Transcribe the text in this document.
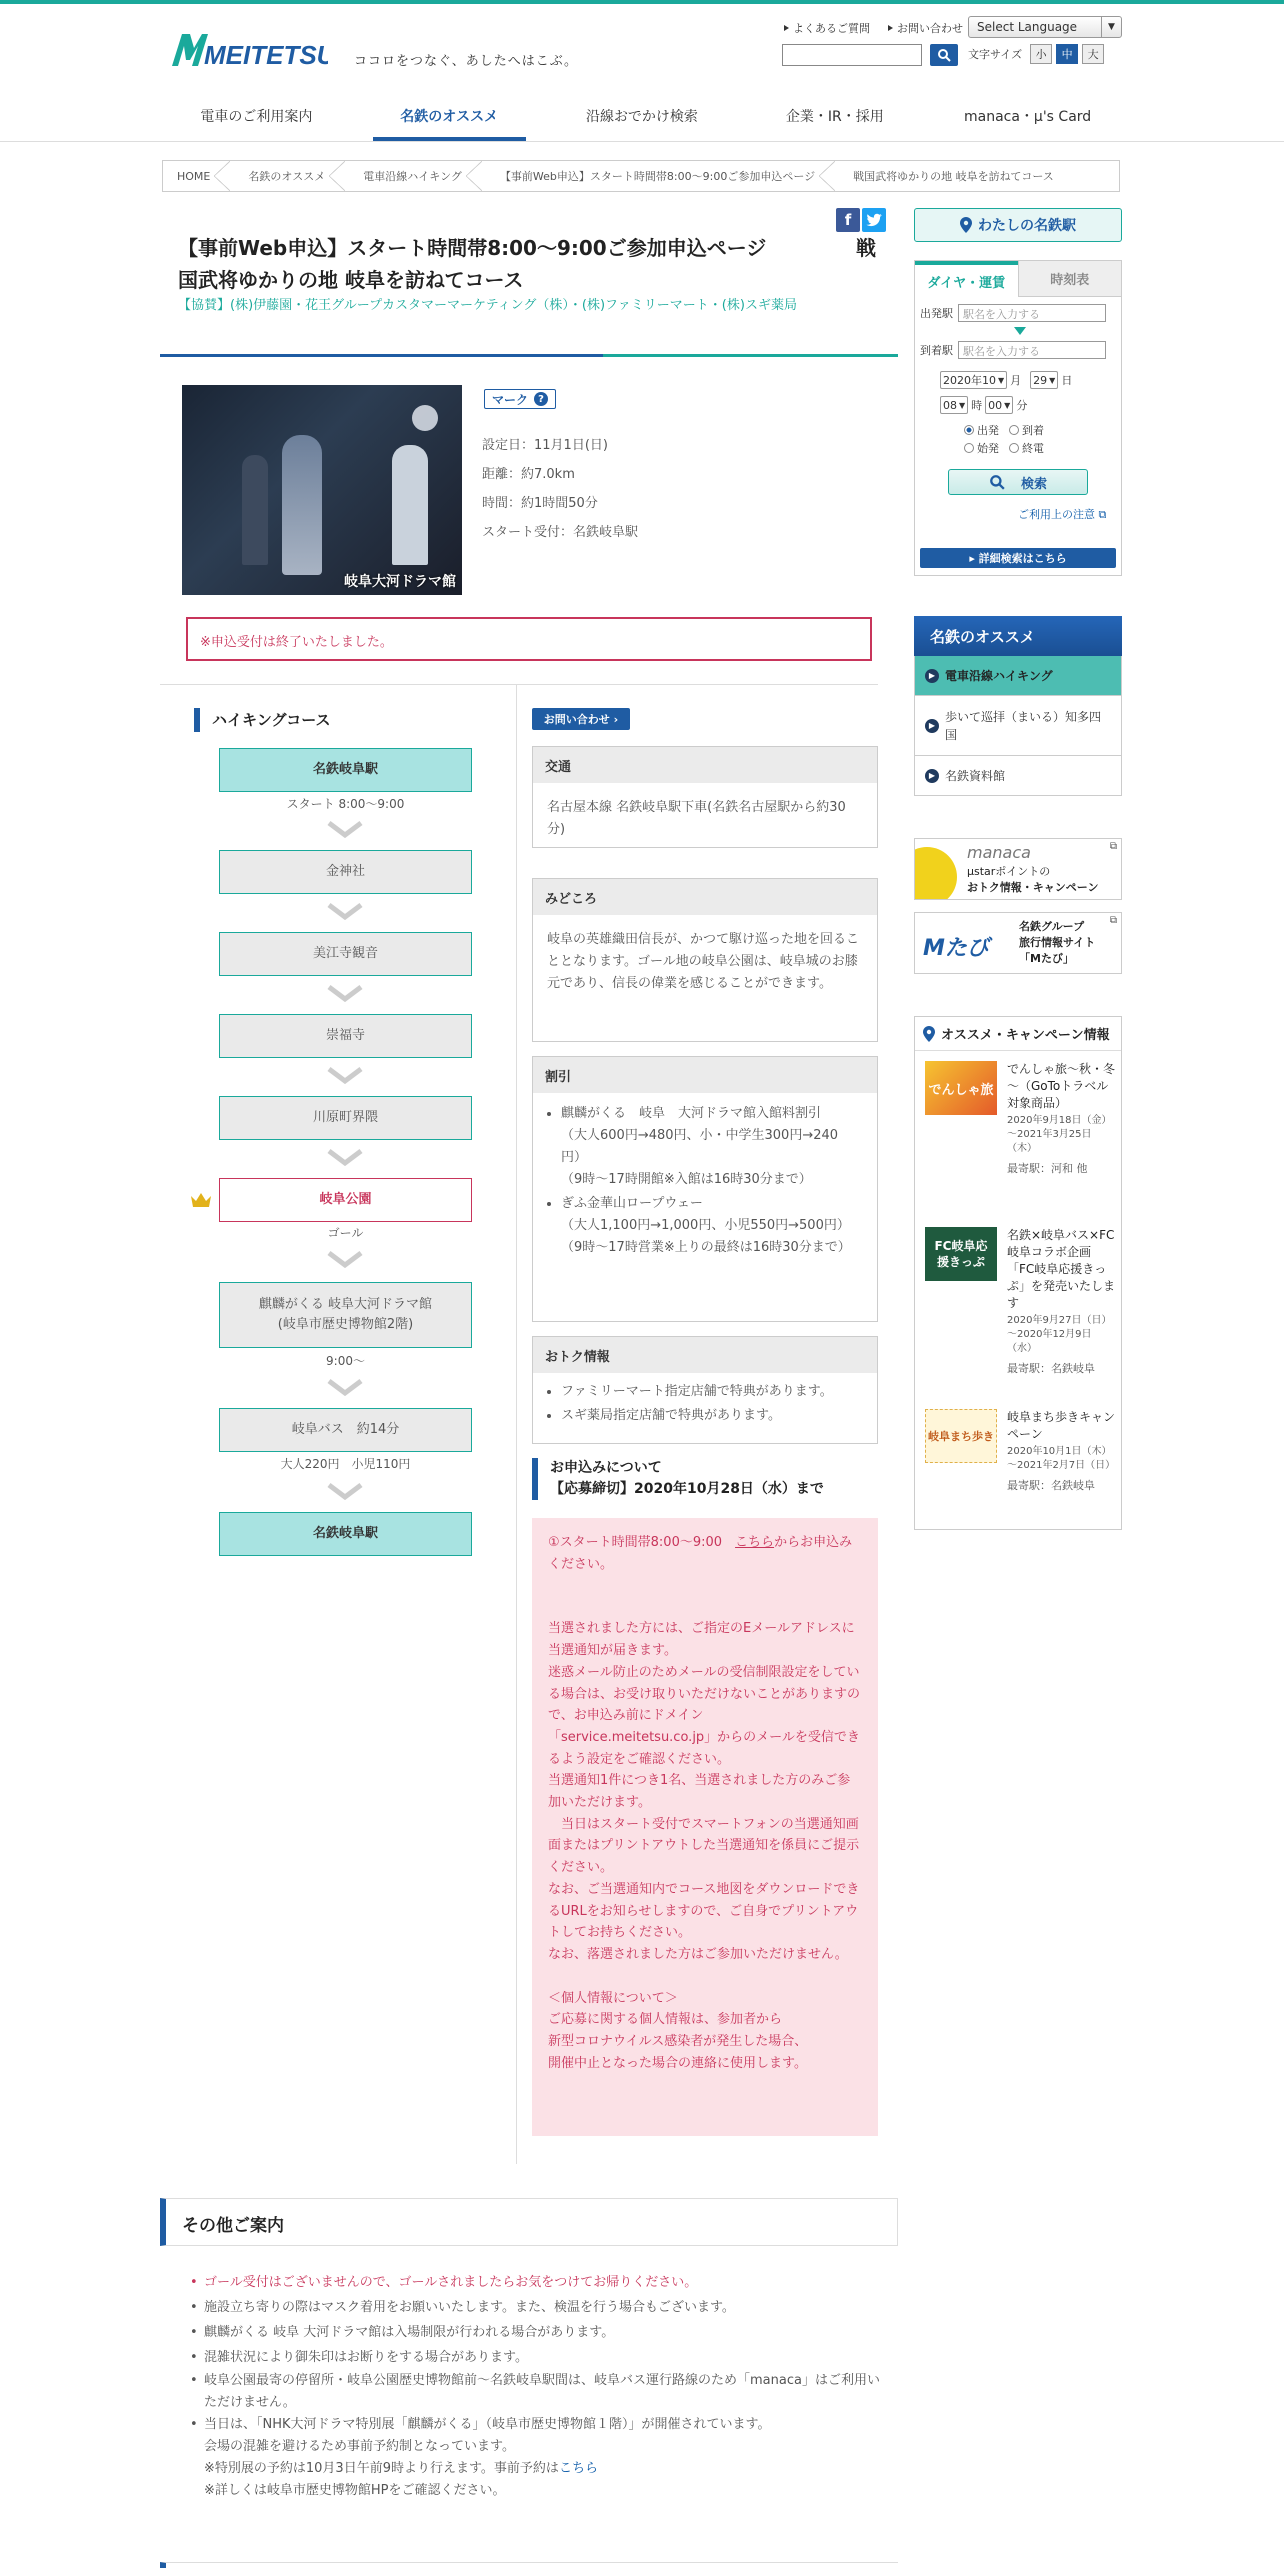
MEITETSU ココロをつなぐ、あしたへはこぶ。
よくあるご質問 お問い合わせ	Select Language	▼
文字サイズ	小	中	大
電車のご利用案内	名鉄のオススメ	沿線おでかけ検索	企業・IR・採用	manaca・μ's Card
HOME	名鉄のオススメ	電車沿線ハイキング	【事前Web申込】スタート時間帯8:00～9:00ご参加申込ページ	戦国武将ゆかりの地 岐阜を訪ねてコース
【事前Web申込】スタート時間帯8:00～9:00ご参加申込ページ
国武将ゆかりの地 岐阜を訪ねてコース
戦
f
【協賛】(株)伊藤園・花王グループカスタマーマーケティング（株）・(株)ファミリーマート・(株)スギ薬局
岐阜大河ドラマ館
マーク	?
設定日：11月1日(日)
距離：約7.0km
時間：約1時間50分
スタート受付：名鉄岐阜駅
※申込受付は終了いたしました。
ハイキングコース
名鉄岐阜駅
スタート 8:00～9:00
金神社
美江寺観音
崇福寺
川原町界隈
岐阜公園
ゴール
麒麟がくる 岐阜大河ドラマ館
(岐阜市歴史博物館2階)
9:00～
岐阜バス　約14分
大人220円　小児110円
名鉄岐阜駅
お問い合わせ
›
交通
名古屋本線 名鉄岐阜駅下車(名鉄名古屋駅から約30分)
みどころ
岐阜の英雄織田信長が、かつて駆け巡った地を回ることとなります。ゴール地の岐阜公園は、岐阜城のお膝元であり、信長の偉業を感じることができます。
割引
• 麒麟がくる　岐阜　大河ドラマ館入館料割引
（大人600円→480円、小・中学生300円→240円）
（9時〜17時開館※入館は16時30分まで）
• ぎふ金華山ロープウェー
（大人1,100円→1,000円、小児550円→500円）
（9時〜17時営業※上りの最終は16時30分まで）
おトク情報
• ファミリーマート指定店舗で特典があります。
• スギ薬局指定店舗で特典があります。
お申込みについて
【応募締切】2020年10月28日（水）まで
①スタート時間帯8:00～9:00　こちらからお申込みください。
当選されました方には、ご指定のEメールアドレスに当選通知が届きます。
迷惑メール防止のためメールの受信制限設定をしている場合は、お受け取りいただけないことがありますので、お申込み前にドメイン「service.meitetsu.co.jp」からのメールを受信できるよう設定をご確認ください。
当選通知1件につき1名、当選されました方のみご参加いただけます。
　当日はスタート受付でスマートフォンの当選通知画面またはプリントアウトした当選通知を係員にご提示ください。
なお、ご当選通知内でコース地図をダウンロードできるURLをお知らせしますので、ご自身でプリントアウトしてお持ちください。
なお、落選されました方はご参加いただけません。
＜個人情報について＞
ご応募に関する個人情報は、参加者から
新型コロナウイルス感染者が発生した場合、
開催中止となった場合の連絡に使用します。
その他ご案内
• ゴール受付はございませんので、ゴールされましたらお気をつけてお帰りください。
• 施設立ち寄りの際はマスク着用をお願いいたします。また、検温を行う場合もございます。
• 麒麟がくる 岐阜 大河ドラマ館は入場制限が行われる場合があります。
• 混雑状況により御朱印はお断りをする場合があります。
• 岐阜公園最寄の停留所・岐阜公園歴史博物館前～名鉄岐阜駅間は、岐阜バス運行路線のため「manaca」はご利用いただけません。
• 当日は、「NHK大河ドラマ特別展「麒麟がくる」（岐阜市歴史博物館１階）」が開催されています。
会場の混雑を避けるため事前予約制となっています。
※特別展の予約は10月3日午前9時より行えます。事前予約はこちら
※詳しくは岐阜市歴史博物館HPをご確認ください。
わたしの名鉄駅
ダイヤ・運賃	時刻表
出発駅 駅名を入力する
到着駅 駅名を入力する
2020年10 ▼ 月 29 ▼ 日
08 ▼ 時 00 ▼ 分
出発 到着
始発 終電
検索
ご利用上の注意 ⧉
▸ 詳細検索はこちら
名鉄のオススメ
▶ 電車沿線ハイキング
▶
歩いて巡拝（まいる）知多四国
▶ 名鉄資料館
manaca
μstarポイントの
おトク情報・キャンペーン
⧉
Mたび
名鉄グループ
旅行情報サイト
「Mたび」
⧉
オススメ・キャンペーン情報
でんしゃ旅
でんしゃ旅～秋・冬～（GoToトラベル対象商品）
2020年9月18日（金）～2021年3月25日（木）
最寄駅：河和 他
FC岐阜応援きっぷ
名鉄×岐阜バス×FC岐阜コラボ企画「FC岐阜応援きっぷ」を発売いたします
2020年9月27日（日）～2020年12月9日（水）
最寄駅：名鉄岐阜
岐阜まち歩き
岐阜まち歩きキャンペーン
2020年10月1日（木）～2021年2月7日（日）
最寄駅：名鉄岐阜
